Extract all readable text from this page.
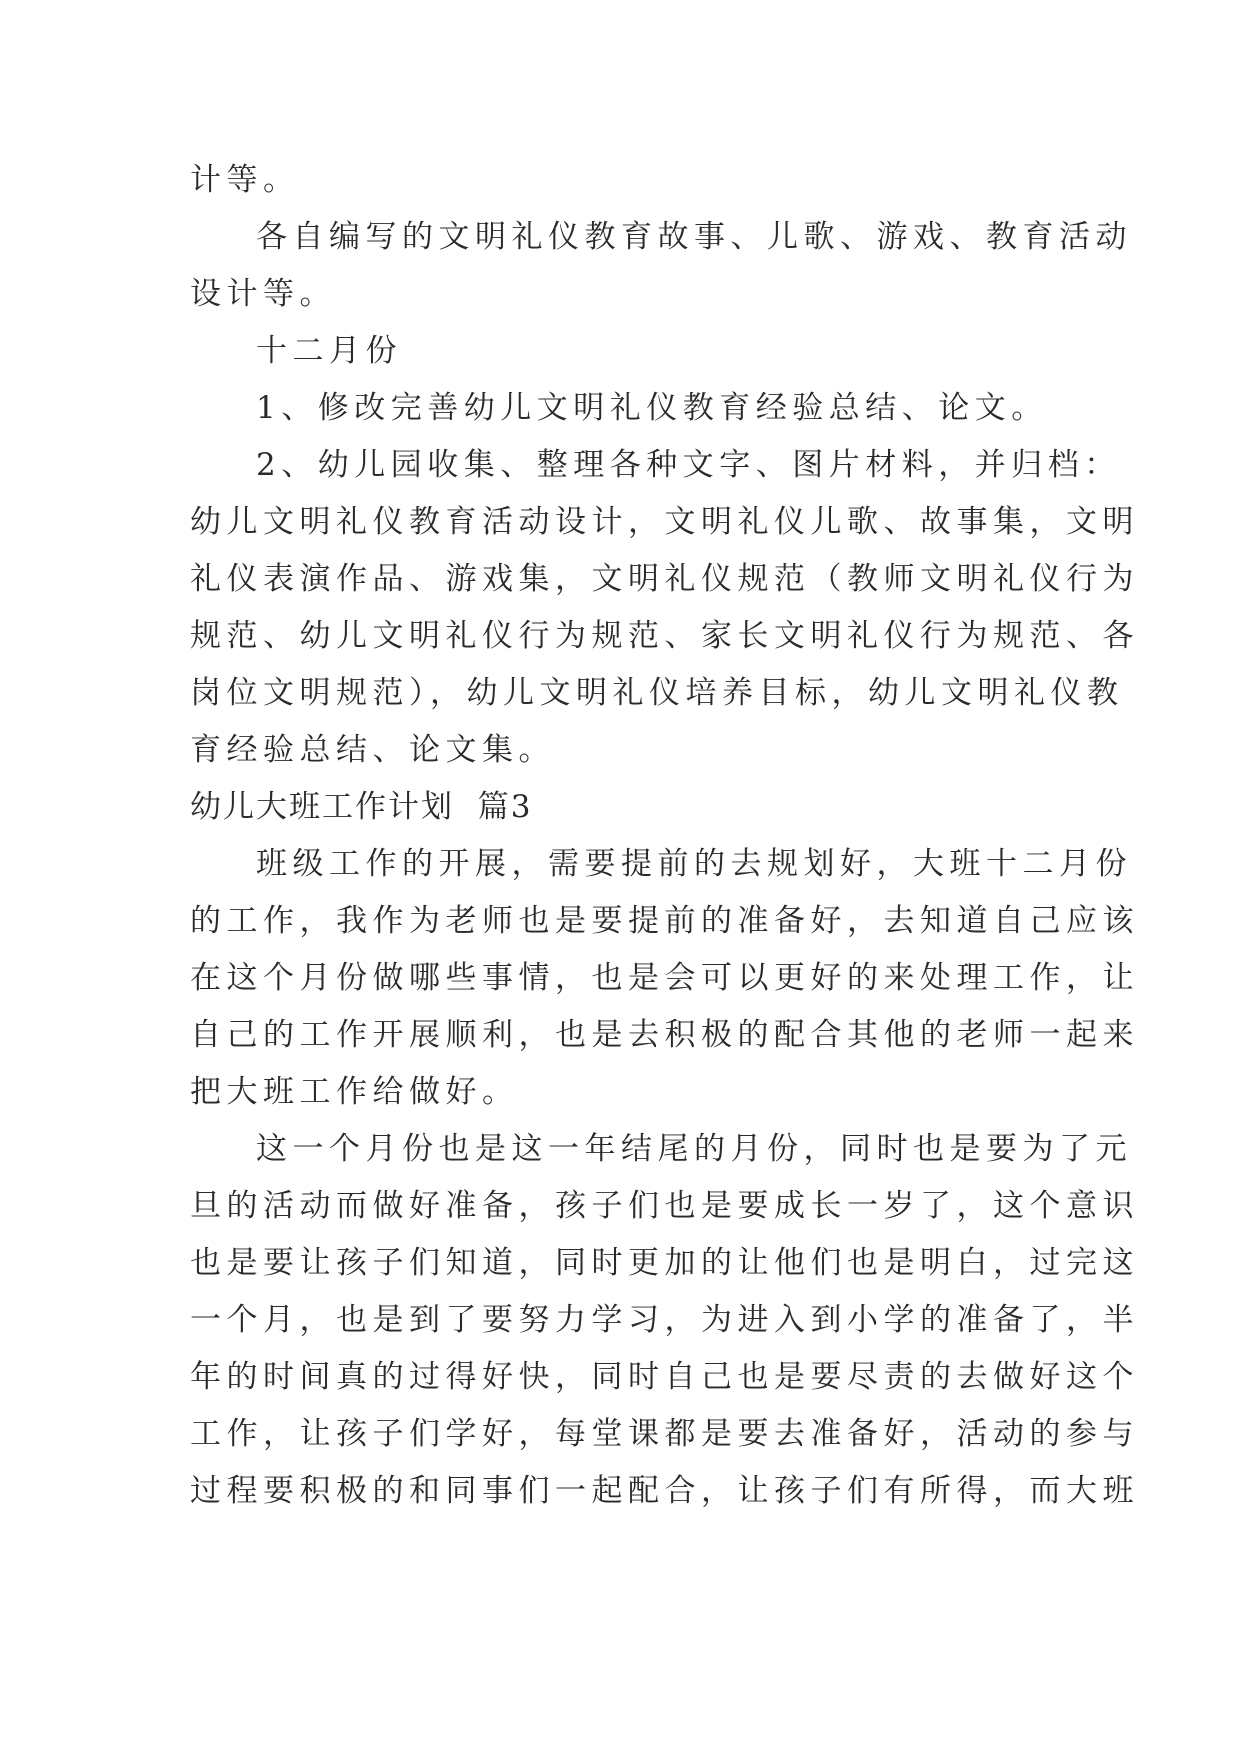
计等。
各自编写的文明礼仪教育故事、儿歌、游戏、教育活动
设计等。
十二月份
1、修改完善幼儿文明礼仪教育经验总结、论文。
2、幼儿园收集、整理各种文字、图片材料，并归档：
幼儿文明礼仪教育活动设计，文明礼仪儿歌、故事集，文明
礼仪表演作品、游戏集，文明礼仪规范（教师文明礼仪行为
规范、幼儿文明礼仪行为规范、家长文明礼仪行为规范、各
岗位文明规范），幼儿文明礼仪培养目标，幼儿文明礼仪教
育经验总结、论文集。
幼儿大班工作计划  篇3
班级工作的开展，需要提前的去规划好，大班十二月份
的工作，我作为老师也是要提前的准备好，去知道自己应该
在这个月份做哪些事情，也是会可以更好的来处理工作，让
自己的工作开展顺利，也是去积极的配合其他的老师一起来
把大班工作给做好。
这一个月份也是这一年结尾的月份，同时也是要为了元
旦的活动而做好准备，孩子们也是要成长一岁了，这个意识
也是要让孩子们知道，同时更加的让他们也是明白，过完这
一个月，也是到了要努力学习，为进入到小学的准备了，半
年的时间真的过得好快，同时自己也是要尽责的去做好这个
工作，让孩子们学好，每堂课都是要去准备好，活动的参与
过程要积极的和同事们一起配合，让孩子们有所得，而大班
